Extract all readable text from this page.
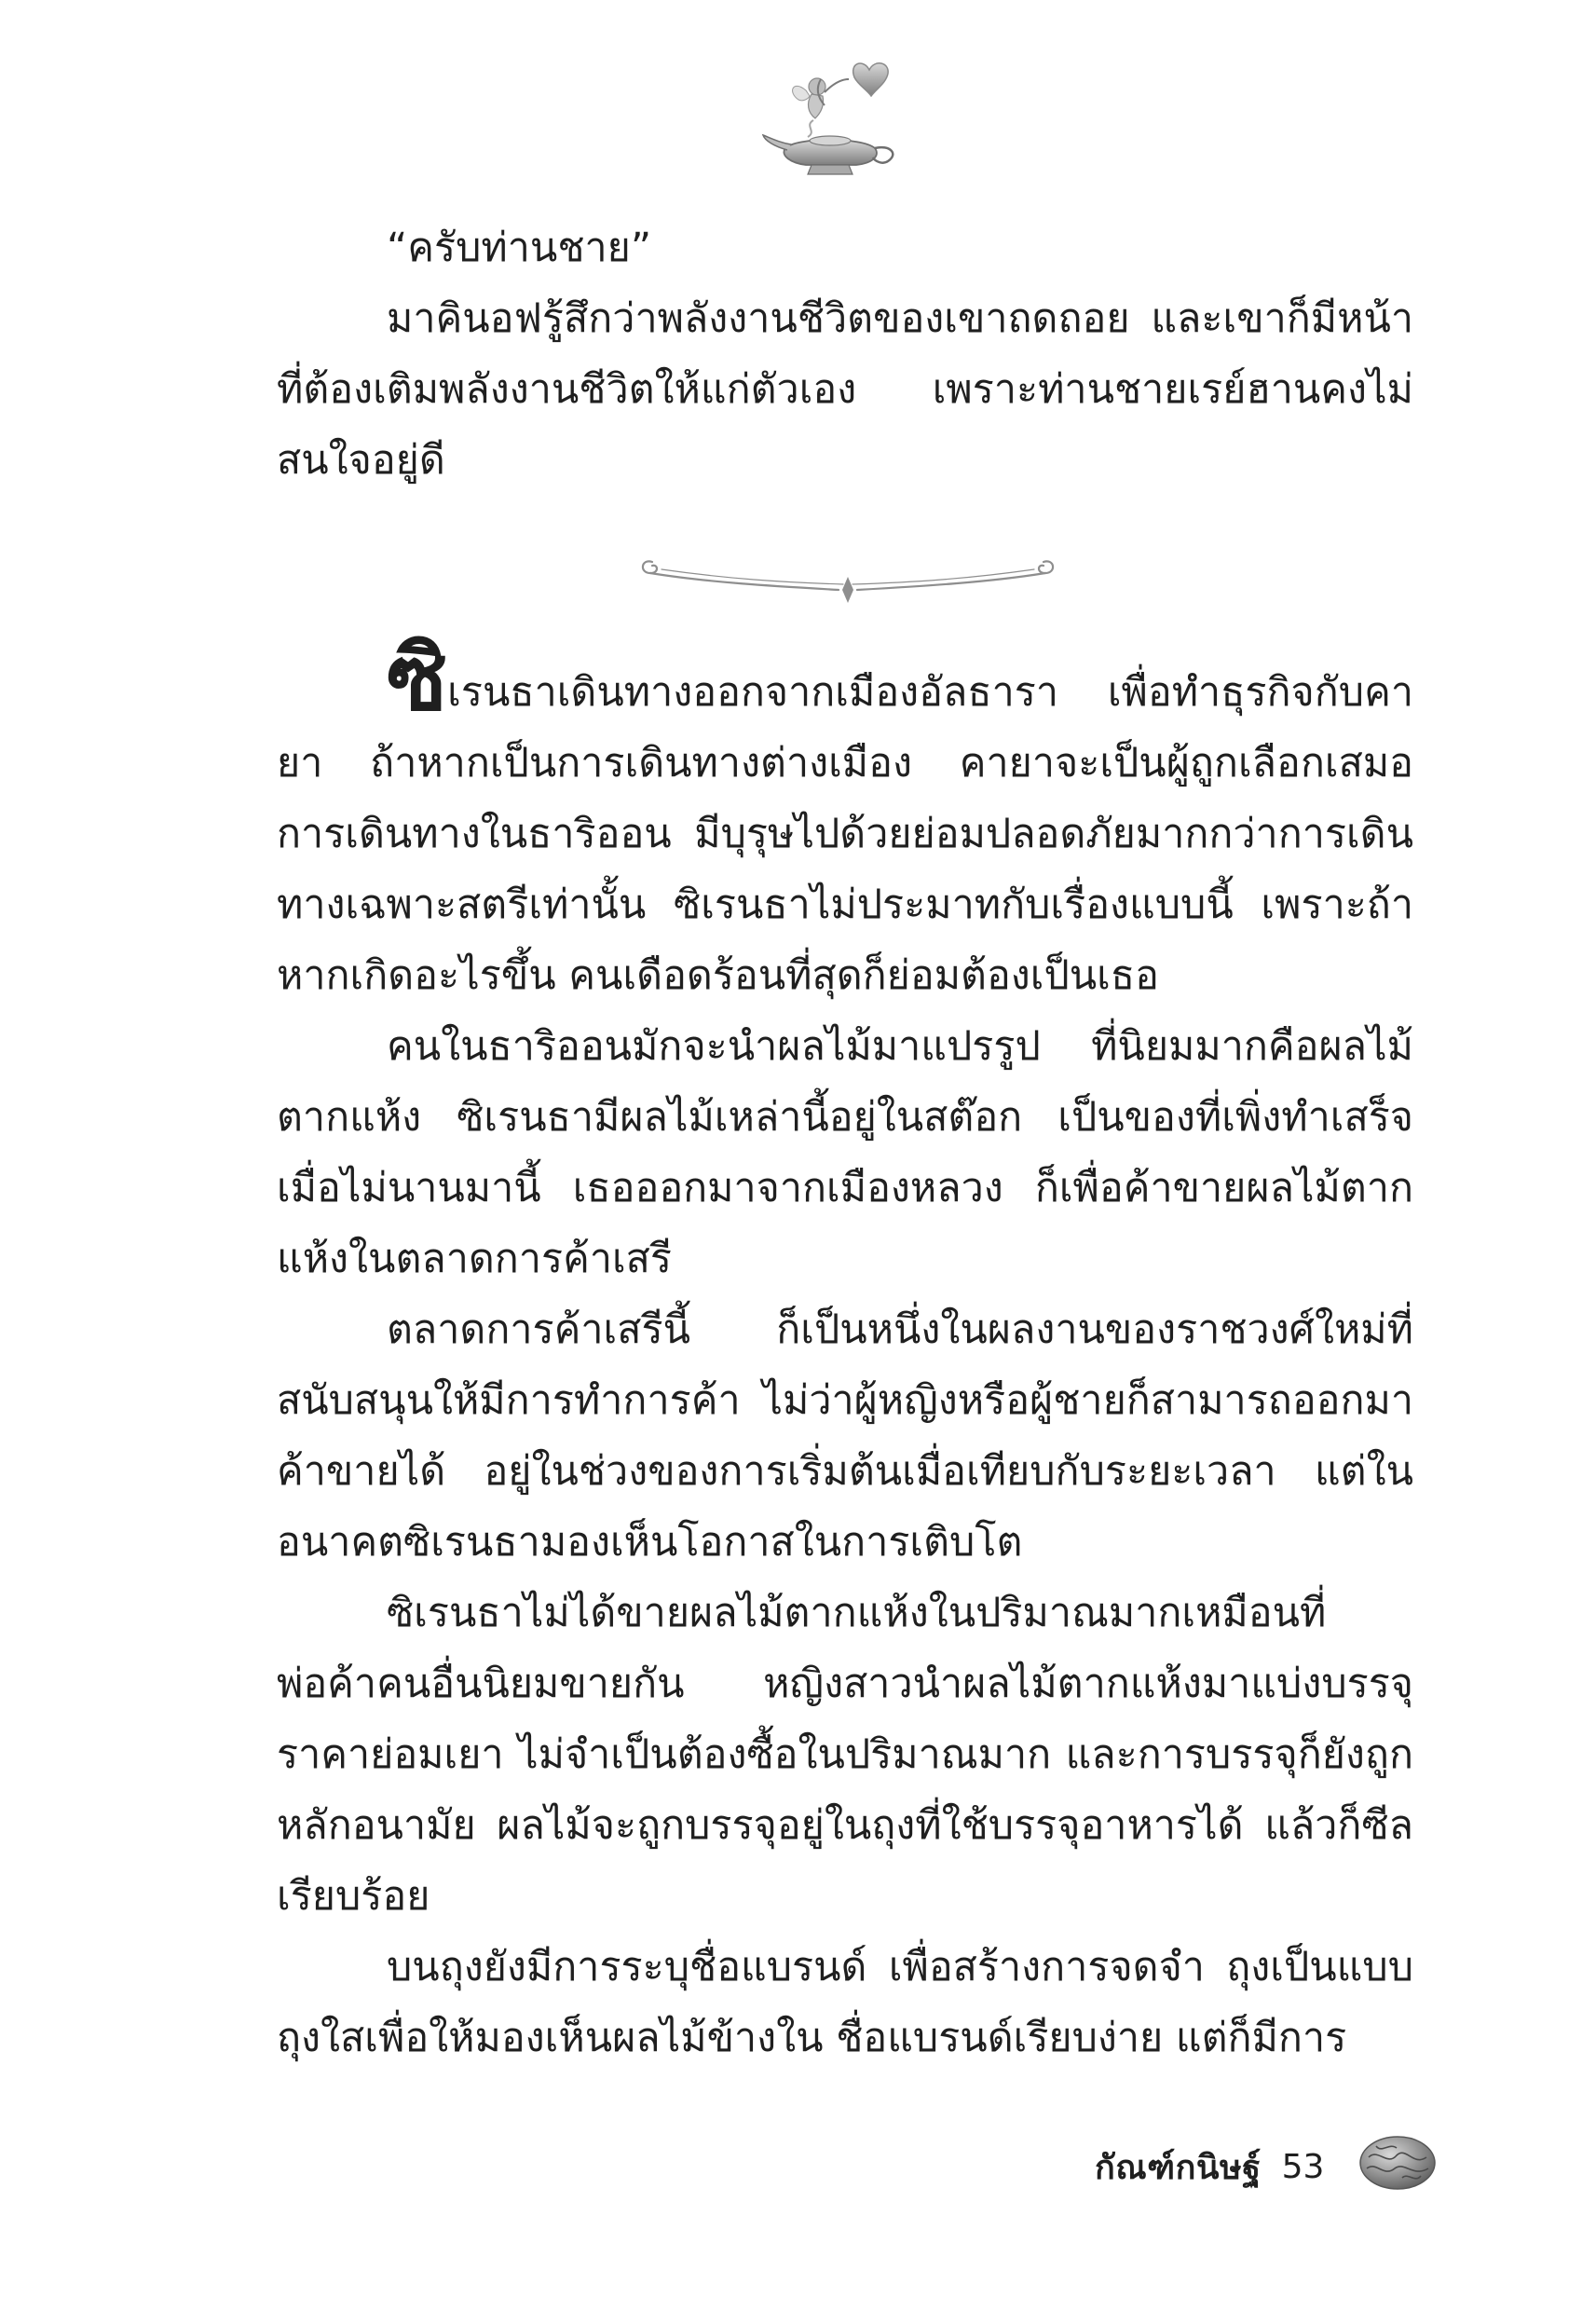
“ครับท่านชาย”

มาคินอฟรู้สึกว่าพลังงานชีวิตของเขาถดถอย และเขาก็มีหน้าที่ต้องเติมพลังงานชีวิตให้แก่ตัวเอง เพราะท่านชายเรย์ฮานคงไม่สนใจอยู่ดี

ซิเรนธาเดินทางออกจากเมืองอัลธารา เพื่อทำธุรกิจกับคายา ถ้าหากเป็นการเดินทางต่างเมือง คายาจะเป็นผู้ถูกเลือกเสมอ การเดินทางในธาริออน มีบุรุษไปด้วยย่อมปลอดภัยมากกว่าการเดินทางเฉพาะสตรีเท่านั้น ซิเรนธาไม่ประมาทกับเรื่องแบบนี้ เพราะถ้าหากเกิดอะไรขึ้น คนเดือดร้อนที่สุดก็ย่อมต้องเป็นเธอ

คนในธาริออนมักจะนำผลไม้มาแปรรูป ที่นิยมมากคือผลไม้ตากแห้ง ซิเรนธามีผลไม้เหล่านี้อยู่ในสต๊อก เป็นของที่เพิ่งทำเสร็จเมื่อไม่นานมานี้ เธอออกมาจากเมืองหลวง ก็เพื่อค้าขายผลไม้ตากแห้งในตลาดการค้าเสรี

ตลาดการค้าเสรีนี้ ก็เป็นหนึ่งในผลงานของราชวงศ์ใหม่ที่สนับสนุนให้มีการทำการค้า ไม่ว่าผู้หญิงหรือผู้ชายก็สามารถออกมาค้าขายได้ อยู่ในช่วงของการเริ่มต้นเมื่อเทียบกับระยะเวลา แต่ในอนาคตซิเรนธามองเห็นโอกาสในการเติบโต

ซิเรนธาไม่ได้ขายผลไม้ตากแห้งในปริมาณมากเหมือนที่พ่อค้าคนอื่นนิยมขายกัน หญิงสาวนำผลไม้ตากแห้งมาแบ่งบรรจุ ราคาย่อมเยา ไม่จำเป็นต้องซื้อในปริมาณมาก และการบรรจุก็ยังถูกหลักอนามัย ผลไม้จะถูกบรรจุอยู่ในถุงที่ใช้บรรจุอาหารได้ แล้วก็ซีลเรียบร้อย

บนถุงยังมีการระบุชื่อแบรนด์ เพื่อสร้างการจดจำ ถุงเป็นแบบถุงใสเพื่อให้มองเห็นผลไม้ข้างใน ชื่อแบรนด์เรียบง่าย แต่ก็มีการ

กัณฑ์กนิษฐ์ 53
